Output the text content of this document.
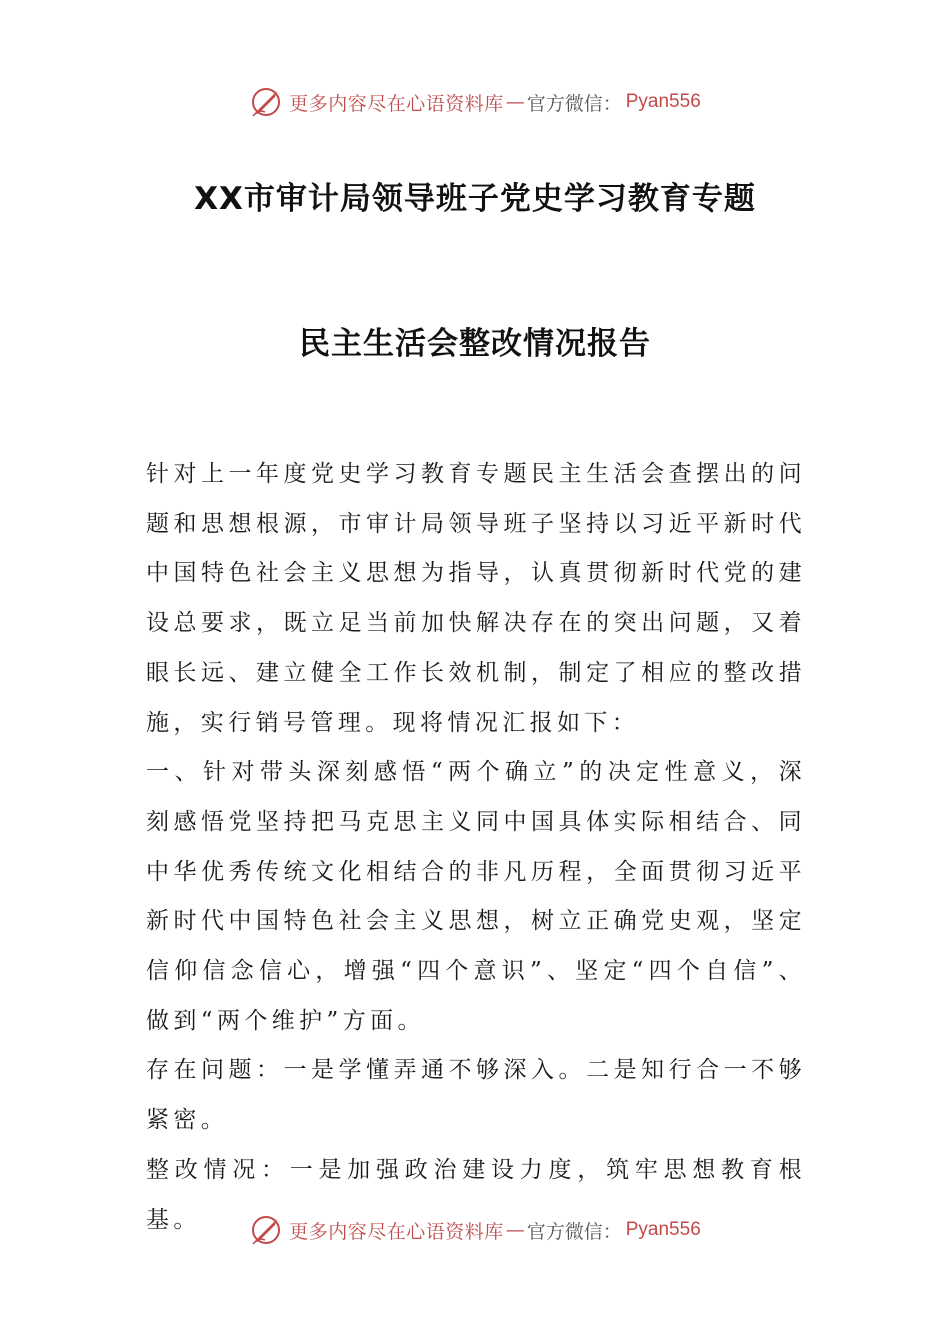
更多内容尽在心语资料库 — 官方微信： Pyan556
XX市审计局领导班子党史学习教育专题
民主生活会整改情况报告

针对上一年度党史学习教育专题民主生活会查摆出的问题和思想根源，市审计局领导班子坚持以习近平新时代中国特色社会主义思想为指导，认真贯彻新时代党的建设总要求，既立足当前加快解决存在的突出问题，又着眼长远、建立健全工作长效机制，制定了相应的整改措施，实行销号管理。现将情况汇报如下：

一、针对带头深刻感悟“两个确立”的决定性意义，深刻感悟党坚持把马克思主义同中国具体实际相结合、同中华优秀传统文化相结合的非凡历程，全面贯彻习近平新时代中国特色社会主义思想，树立正确党史观，坚定信仰信念信心，增强“四个意识”、坚定“四个自信”、做到“两个维护”方面。

存在问题：一是学懂弄通不够深入。二是知行合一不够紧密。

整改情况：一是加强政治建设力度，筑牢思想教育根基。	更多内容尽在心语资料库 — 官方微信： Pyan556
